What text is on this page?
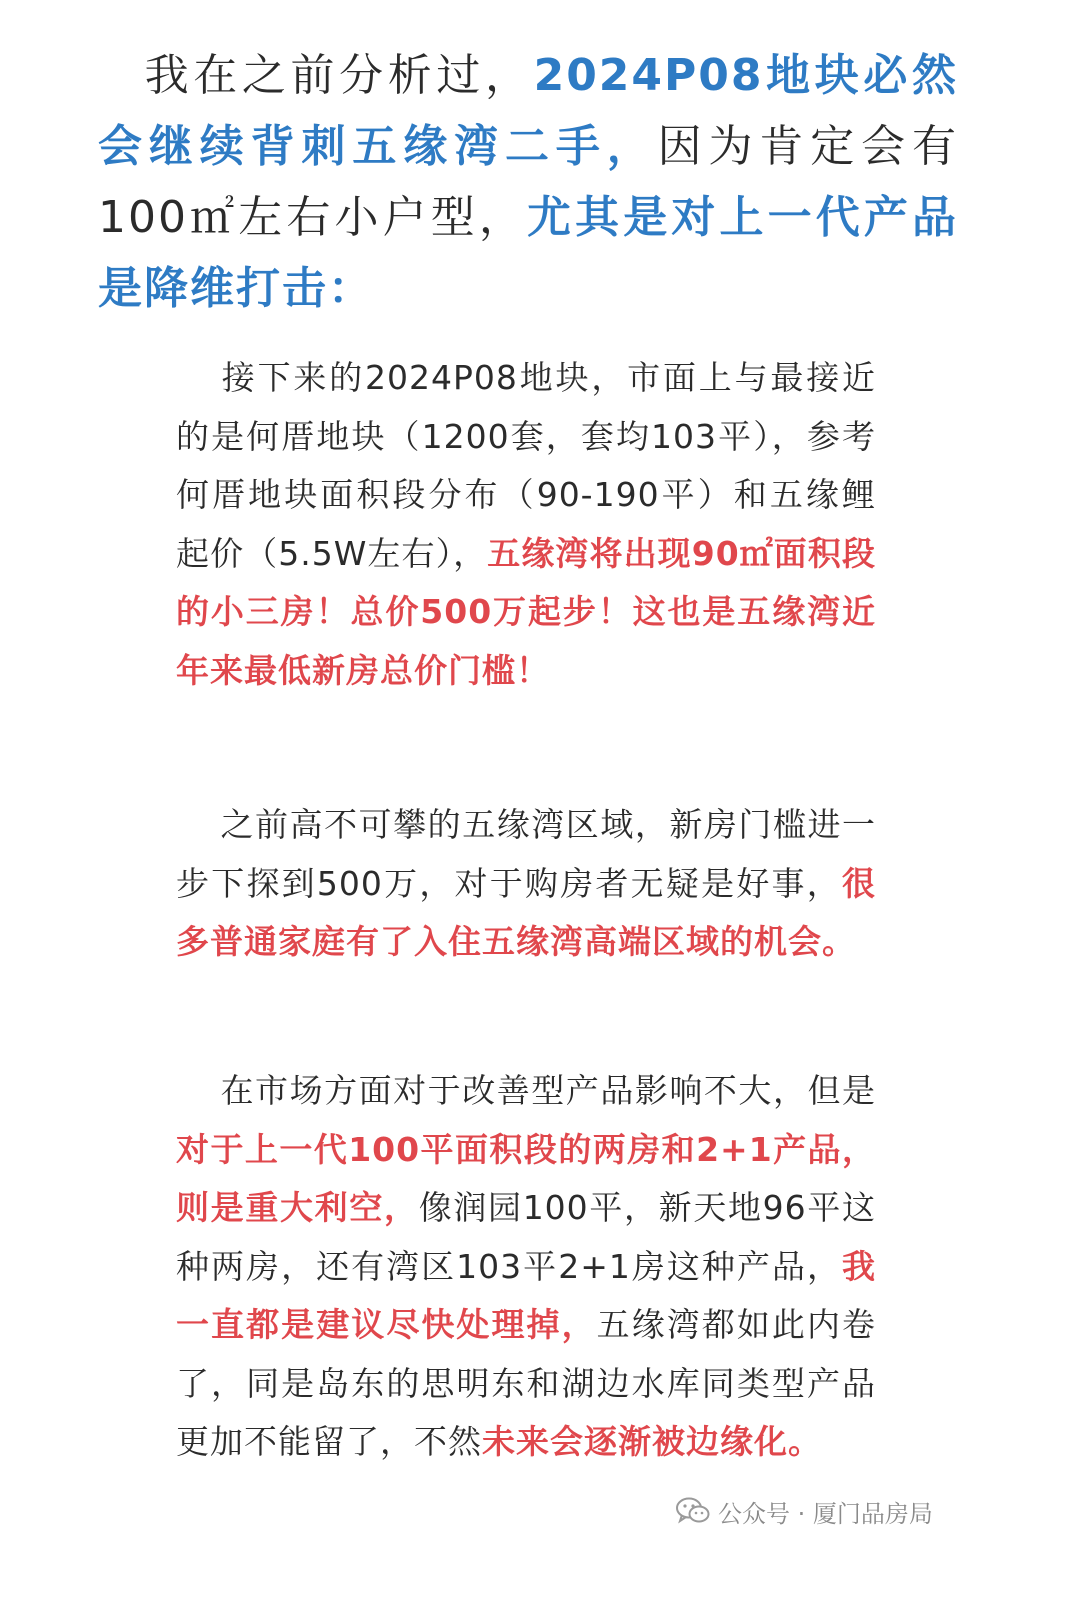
我在之前分析过，2024P08地块必然会继续背刺五缘湾二手，因为肯定会有100㎡左右小户型，尤其是对上一代产品是降维打击：
接下来的2024P08地块，市面上与最接近的是何厝地块（1200套，套均103平），参考何厝地块面积段分布（90-190平）和五缘鲤起价（5.5W左右），五缘湾将出现90㎡面积段的小三房！总价500万起步！这也是五缘湾近年来最低新房总价门槛！
之前高不可攀的五缘湾区域，新房门槛进一步下探到500万，对于购房者无疑是好事，很多普通家庭有了入住五缘湾高端区域的机会。
在市场方面对于改善型产品影响不大，但是对于上一代100平面积段的两房和2+1产品，则是重大利空，像润园100平，新天地96平这种两房，还有湾区103平2+1房这种产品，我一直都是建议尽快处理掉，五缘湾都如此内卷了，同是岛东的思明东和湖边水库同类型产品更加不能留了，不然未来会逐渐被边缘化。
公众号 · 厦门品房局
